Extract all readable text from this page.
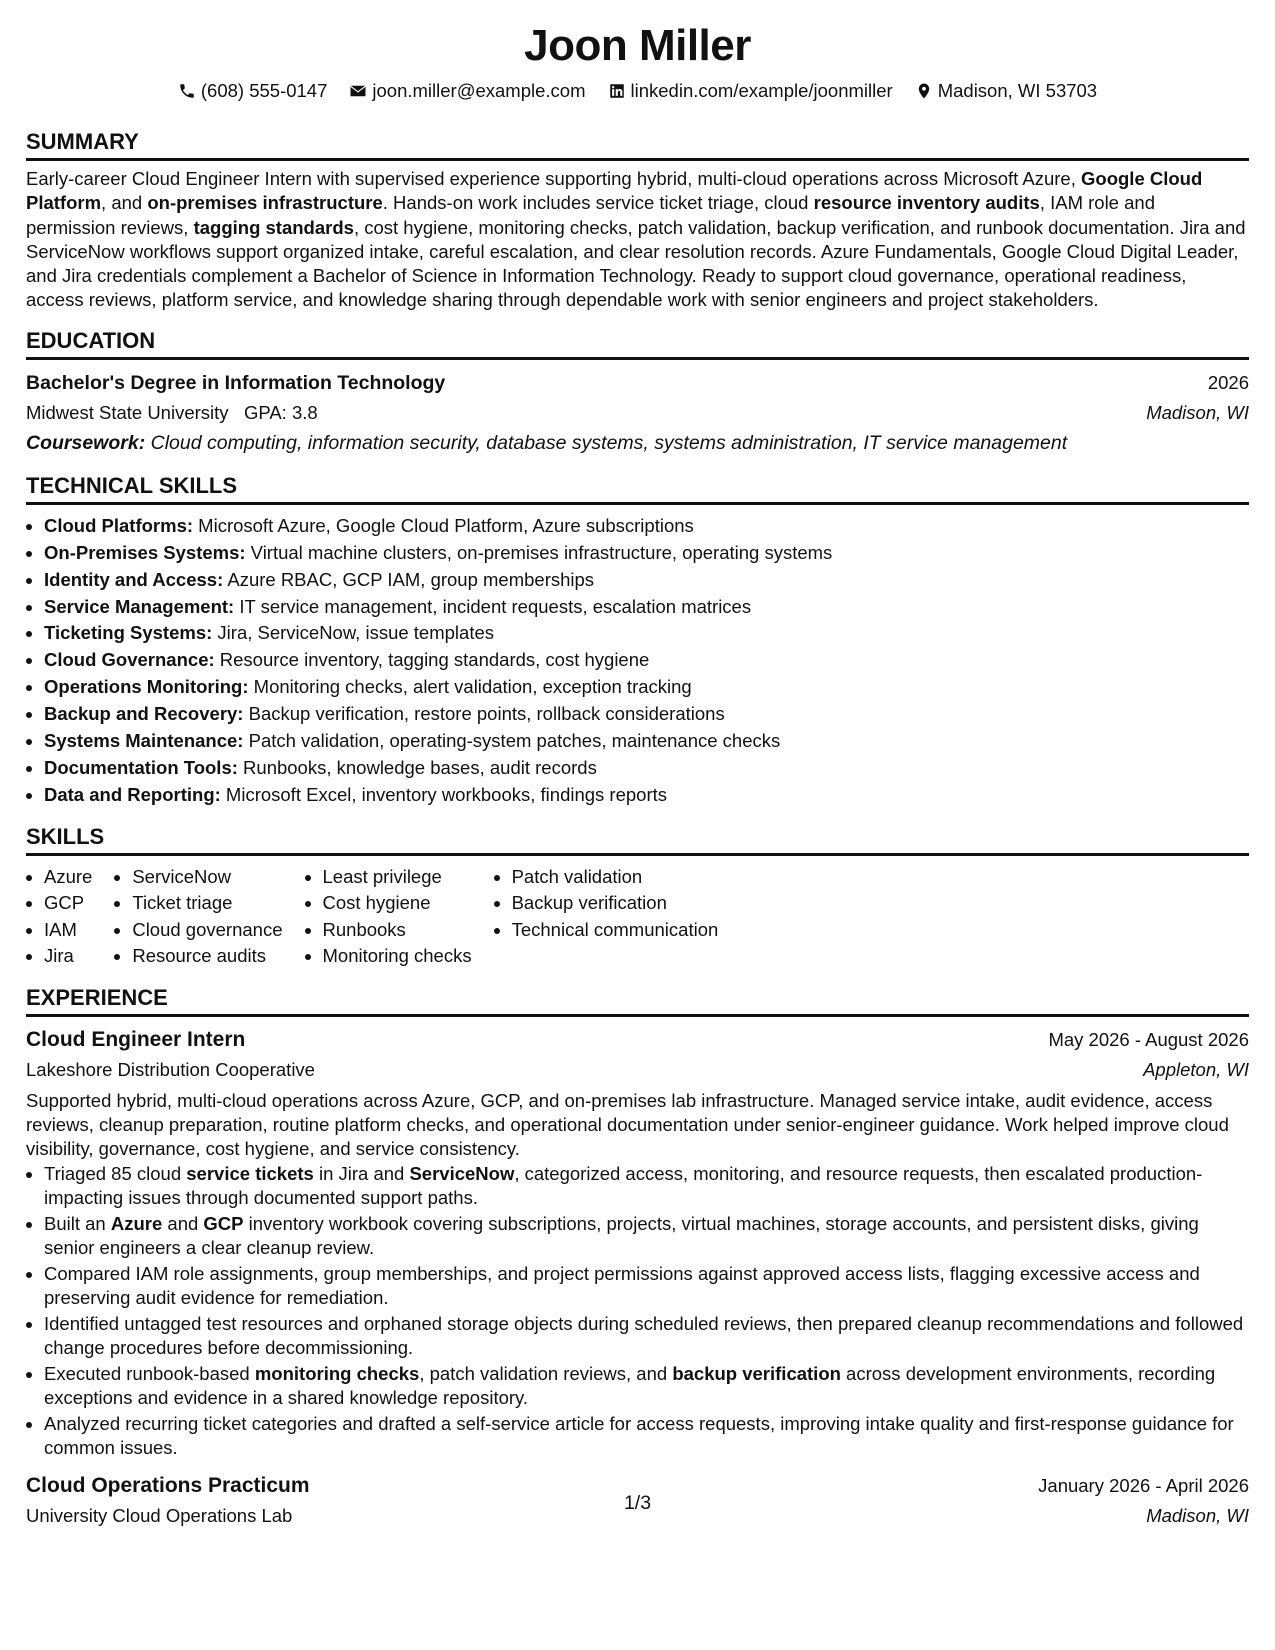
Joon Miller
(608) 555-0147 joon.miller@example.com linkedin.com/example/joonmiller Madison, WI 53703
SUMMARY
Early-career Cloud Engineer Intern with supervised experience supporting hybrid, multi-cloud operations across Microsoft Azure, Google Cloud Platform, and on-premises infrastructure. Hands-on work includes service ticket triage, cloud resource inventory audits, IAM role and permission reviews, tagging standards, cost hygiene, monitoring checks, patch validation, backup verification, and runbook documentation. Jira and ServiceNow workflows support organized intake, careful escalation, and clear resolution records. Azure Fundamentals, Google Cloud Digital Leader, and Jira credentials complement a Bachelor of Science in Information Technology. Ready to support cloud governance, operational readiness, access reviews, platform service, and knowledge sharing through dependable work with senior engineers and project stakeholders.
EDUCATION
Bachelor's Degree in Information Technology	2026
Midwest State University GPA: 3.8	Madison, WI
Coursework: Cloud computing, information security, database systems, systems administration, IT service management
TECHNICAL SKILLS
• Cloud Platforms: Microsoft Azure, Google Cloud Platform, Azure subscriptions
• On-Premises Systems: Virtual machine clusters, on-premises infrastructure, operating systems
• Identity and Access: Azure RBAC, GCP IAM, group memberships
• Service Management: IT service management, incident requests, escalation matrices
• Ticketing Systems: Jira, ServiceNow, issue templates
• Cloud Governance: Resource inventory, tagging standards, cost hygiene
• Operations Monitoring: Monitoring checks, alert validation, exception tracking
• Backup and Recovery: Backup verification, restore points, rollback considerations
• Systems Maintenance: Patch validation, operating-system patches, maintenance checks
• Documentation Tools: Runbooks, knowledge bases, audit records
• Data and Reporting: Microsoft Excel, inventory workbooks, findings reports
SKILLS
• Azure
• GCP
• IAM
• Jira
• ServiceNow
• Ticket triage
• Cloud governance
• Resource audits
• Least privilege
• Cost hygiene
• Runbooks
• Monitoring checks
• Patch validation
• Backup verification
• Technical communication
EXPERIENCE
Cloud Engineer Intern	May 2026 - August 2026
Lakeshore Distribution Cooperative	Appleton, WI
Supported hybrid, multi-cloud operations across Azure, GCP, and on-premises lab infrastructure. Managed service intake, audit evidence, access reviews, cleanup preparation, routine platform checks, and operational documentation under senior-engineer guidance. Work helped improve cloud visibility, governance, cost hygiene, and service consistency.
• Triaged 85 cloud service tickets in Jira and ServiceNow, categorized access, monitoring, and resource requests, then escalated production-impacting issues through documented support paths.
• Built an Azure and GCP inventory workbook covering subscriptions, projects, virtual machines, storage accounts, and persistent disks, giving senior engineers a clear cleanup review.
• Compared IAM role assignments, group memberships, and project permissions against approved access lists, flagging excessive access and preserving audit evidence for remediation.
• Identified untagged test resources and orphaned storage objects during scheduled reviews, then prepared cleanup recommendations and followed change procedures before decommissioning.
• Executed runbook-based monitoring checks, patch validation reviews, and backup verification across development environments, recording exceptions and evidence in a shared knowledge repository.
• Analyzed recurring ticket categories and drafted a self-service article for access requests, improving intake quality and first-response guidance for common issues.
Cloud Operations Practicum	January 2026 - April 2026
University Cloud Operations Lab	Madison, WI
1/3
